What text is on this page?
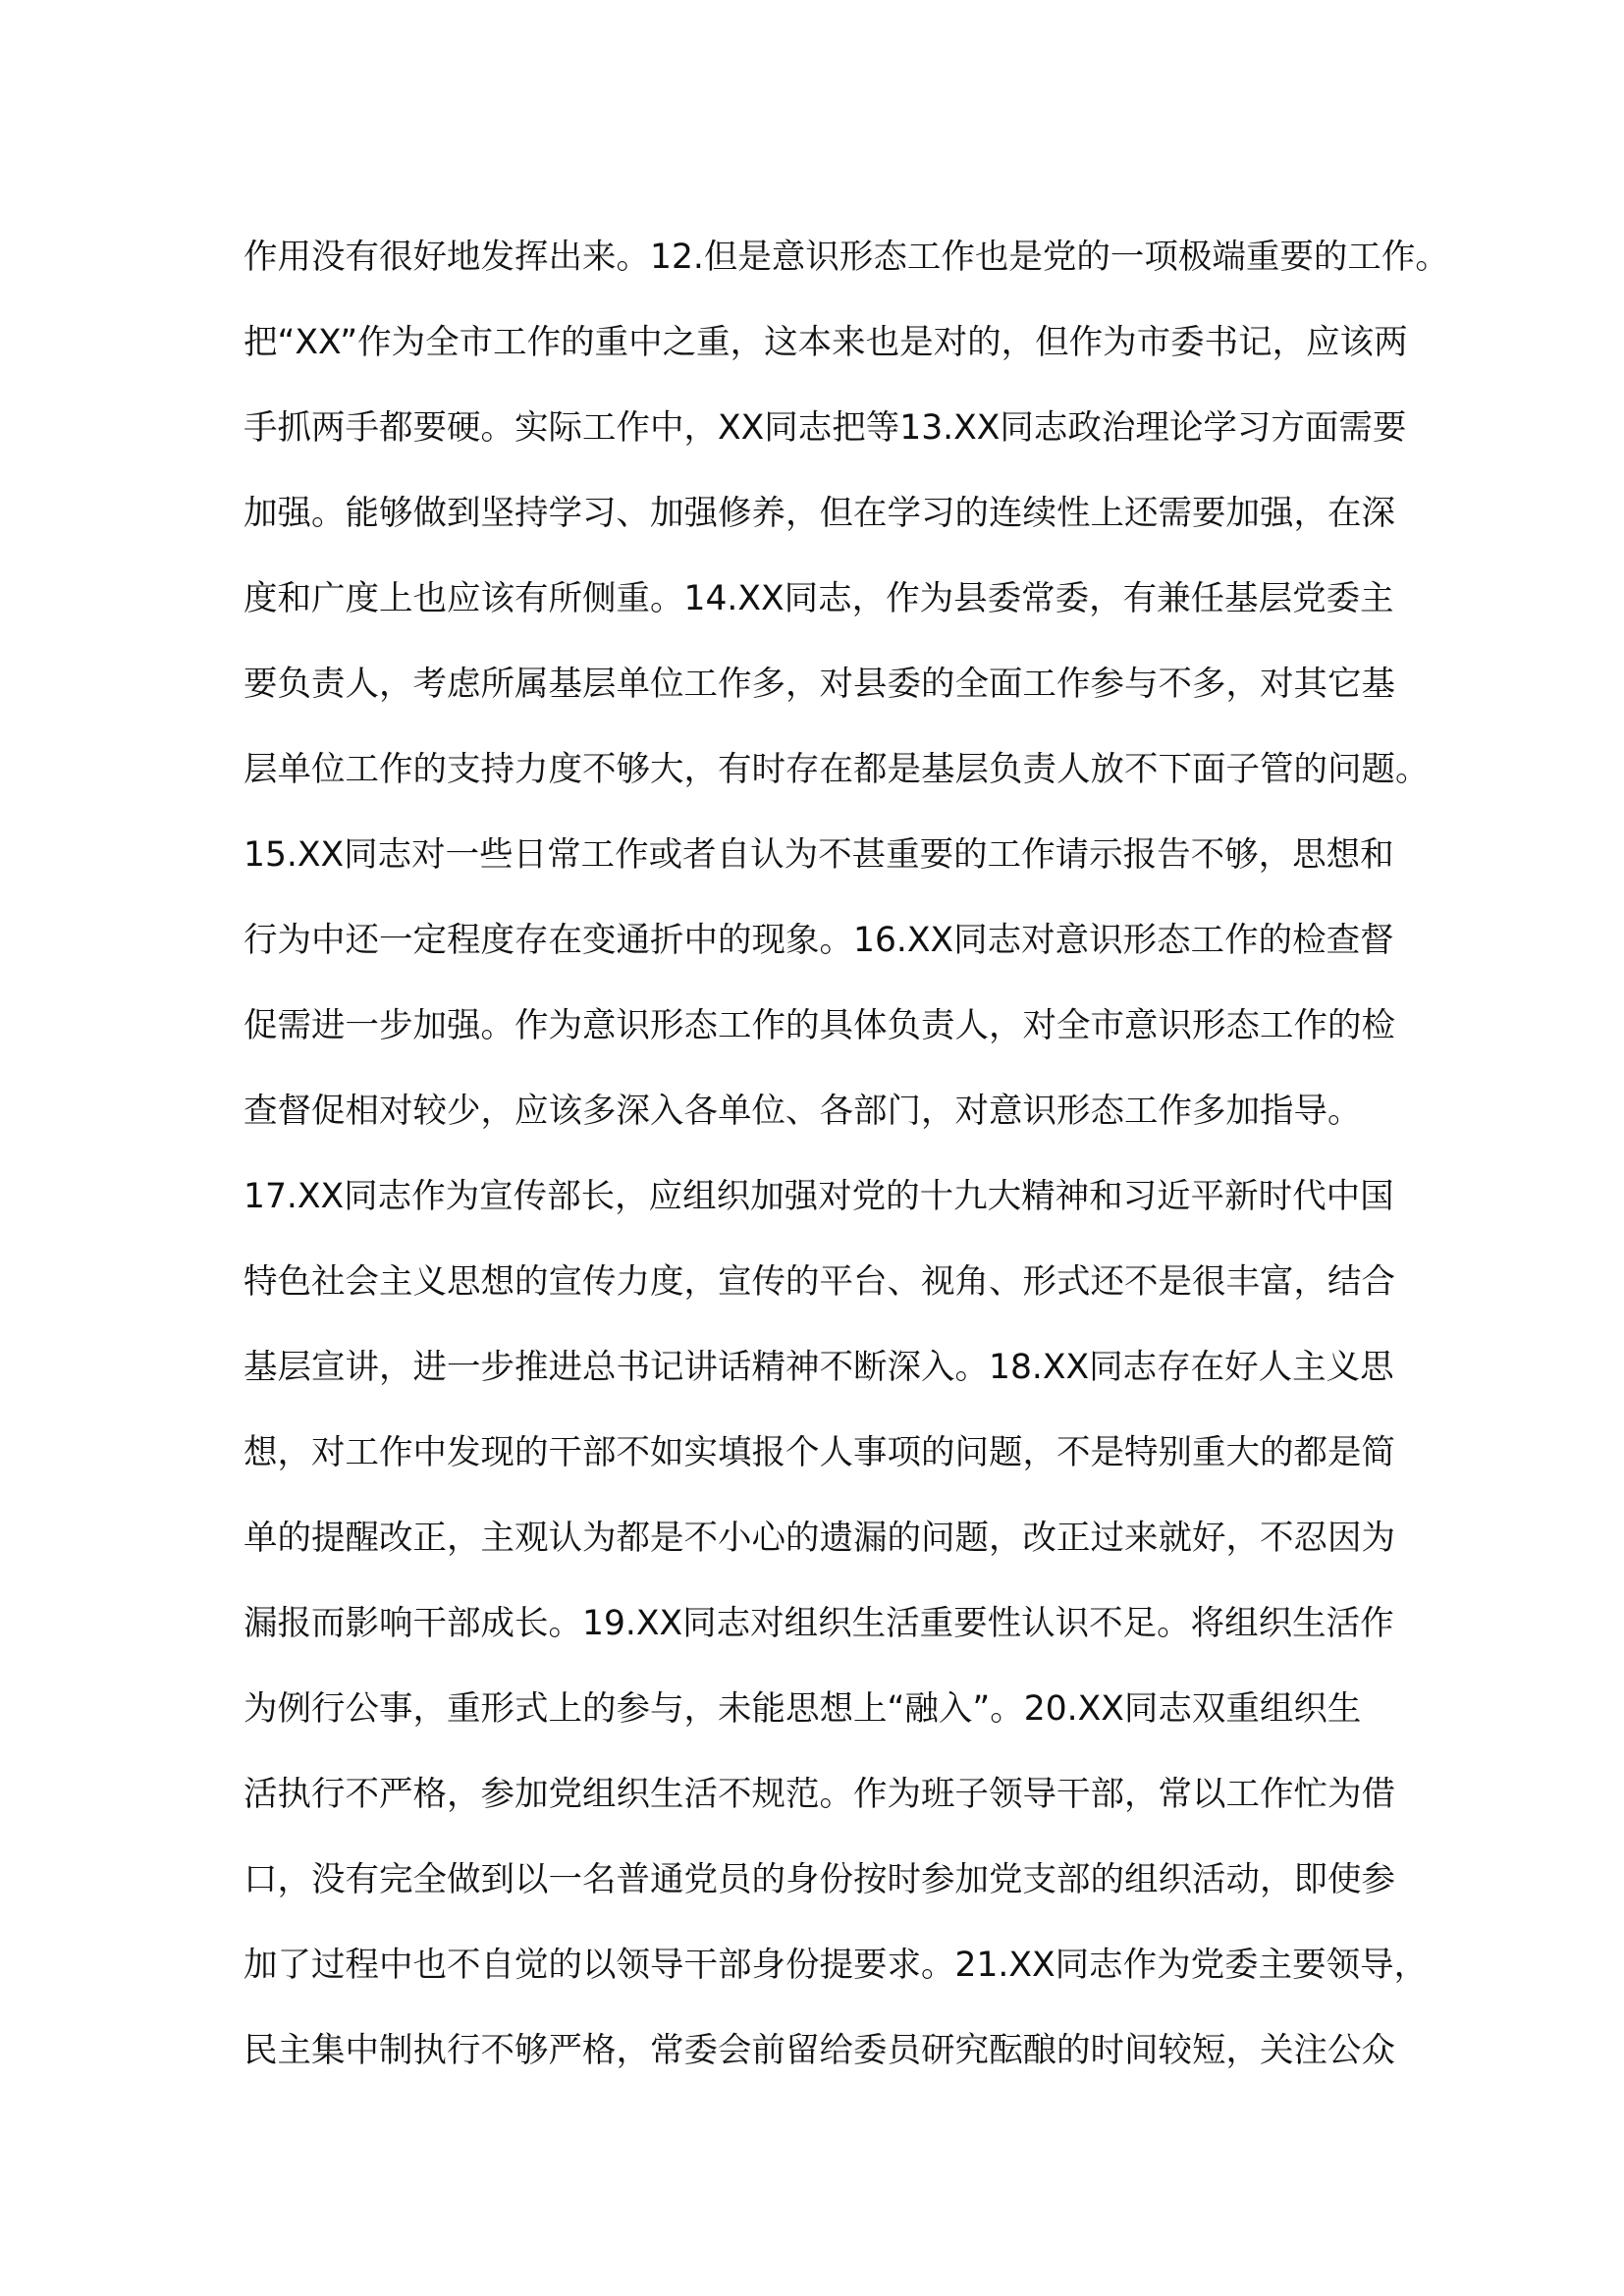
作用没有很好地发挥出来。12.但是意识形态工作也是党的一项极端重要的工作。
把“XX”作为全市工作的重中之重，这本来也是对的，但作为市委书记，应该两
手抓两手都要硬。实际工作中，XX同志把等13.XX同志政治理论学习方面需要
加强。能够做到坚持学习、加强修养，但在学习的连续性上还需要加强，在深
度和广度上也应该有所侧重。14.XX同志，作为县委常委，有兼任基层党委主
要负责人，考虑所属基层单位工作多，对县委的全面工作参与不多，对其它基
层单位工作的支持力度不够大，有时存在都是基层负责人放不下面子管的问题。
15.XX同志对一些日常工作或者自认为不甚重要的工作请示报告不够，思想和
行为中还一定程度存在变通折中的现象。16.XX同志对意识形态工作的检查督
促需进一步加强。作为意识形态工作的具体负责人，对全市意识形态工作的检
查督促相对较少，应该多深入各单位、各部门，对意识形态工作多加指导。
17.XX同志作为宣传部长，应组织加强对党的十九大精神和习近平新时代中国
特色社会主义思想的宣传力度，宣传的平台、视角、形式还不是很丰富，结合
基层宣讲，进一步推进总书记讲话精神不断深入。18.XX同志存在好人主义思
想，对工作中发现的干部不如实填报个人事项的问题，不是特别重大的都是简
单的提醒改正，主观认为都是不小心的遗漏的问题，改正过来就好，不忍因为
漏报而影响干部成长。19.XX同志对组织生活重要性认识不足。将组织生活作
为例行公事，重形式上的参与，未能思想上“融入”。20.XX同志双重组织生
活执行不严格，参加党组织生活不规范。作为班子领导干部，常以工作忙为借
口，没有完全做到以一名普通党员的身份按时参加党支部的组织活动，即使参
加了过程中也不自觉的以领导干部身份提要求。21.XX同志作为党委主要领导，
民主集中制执行不够严格，常委会前留给委员研究酝酿的时间较短，关注公众
